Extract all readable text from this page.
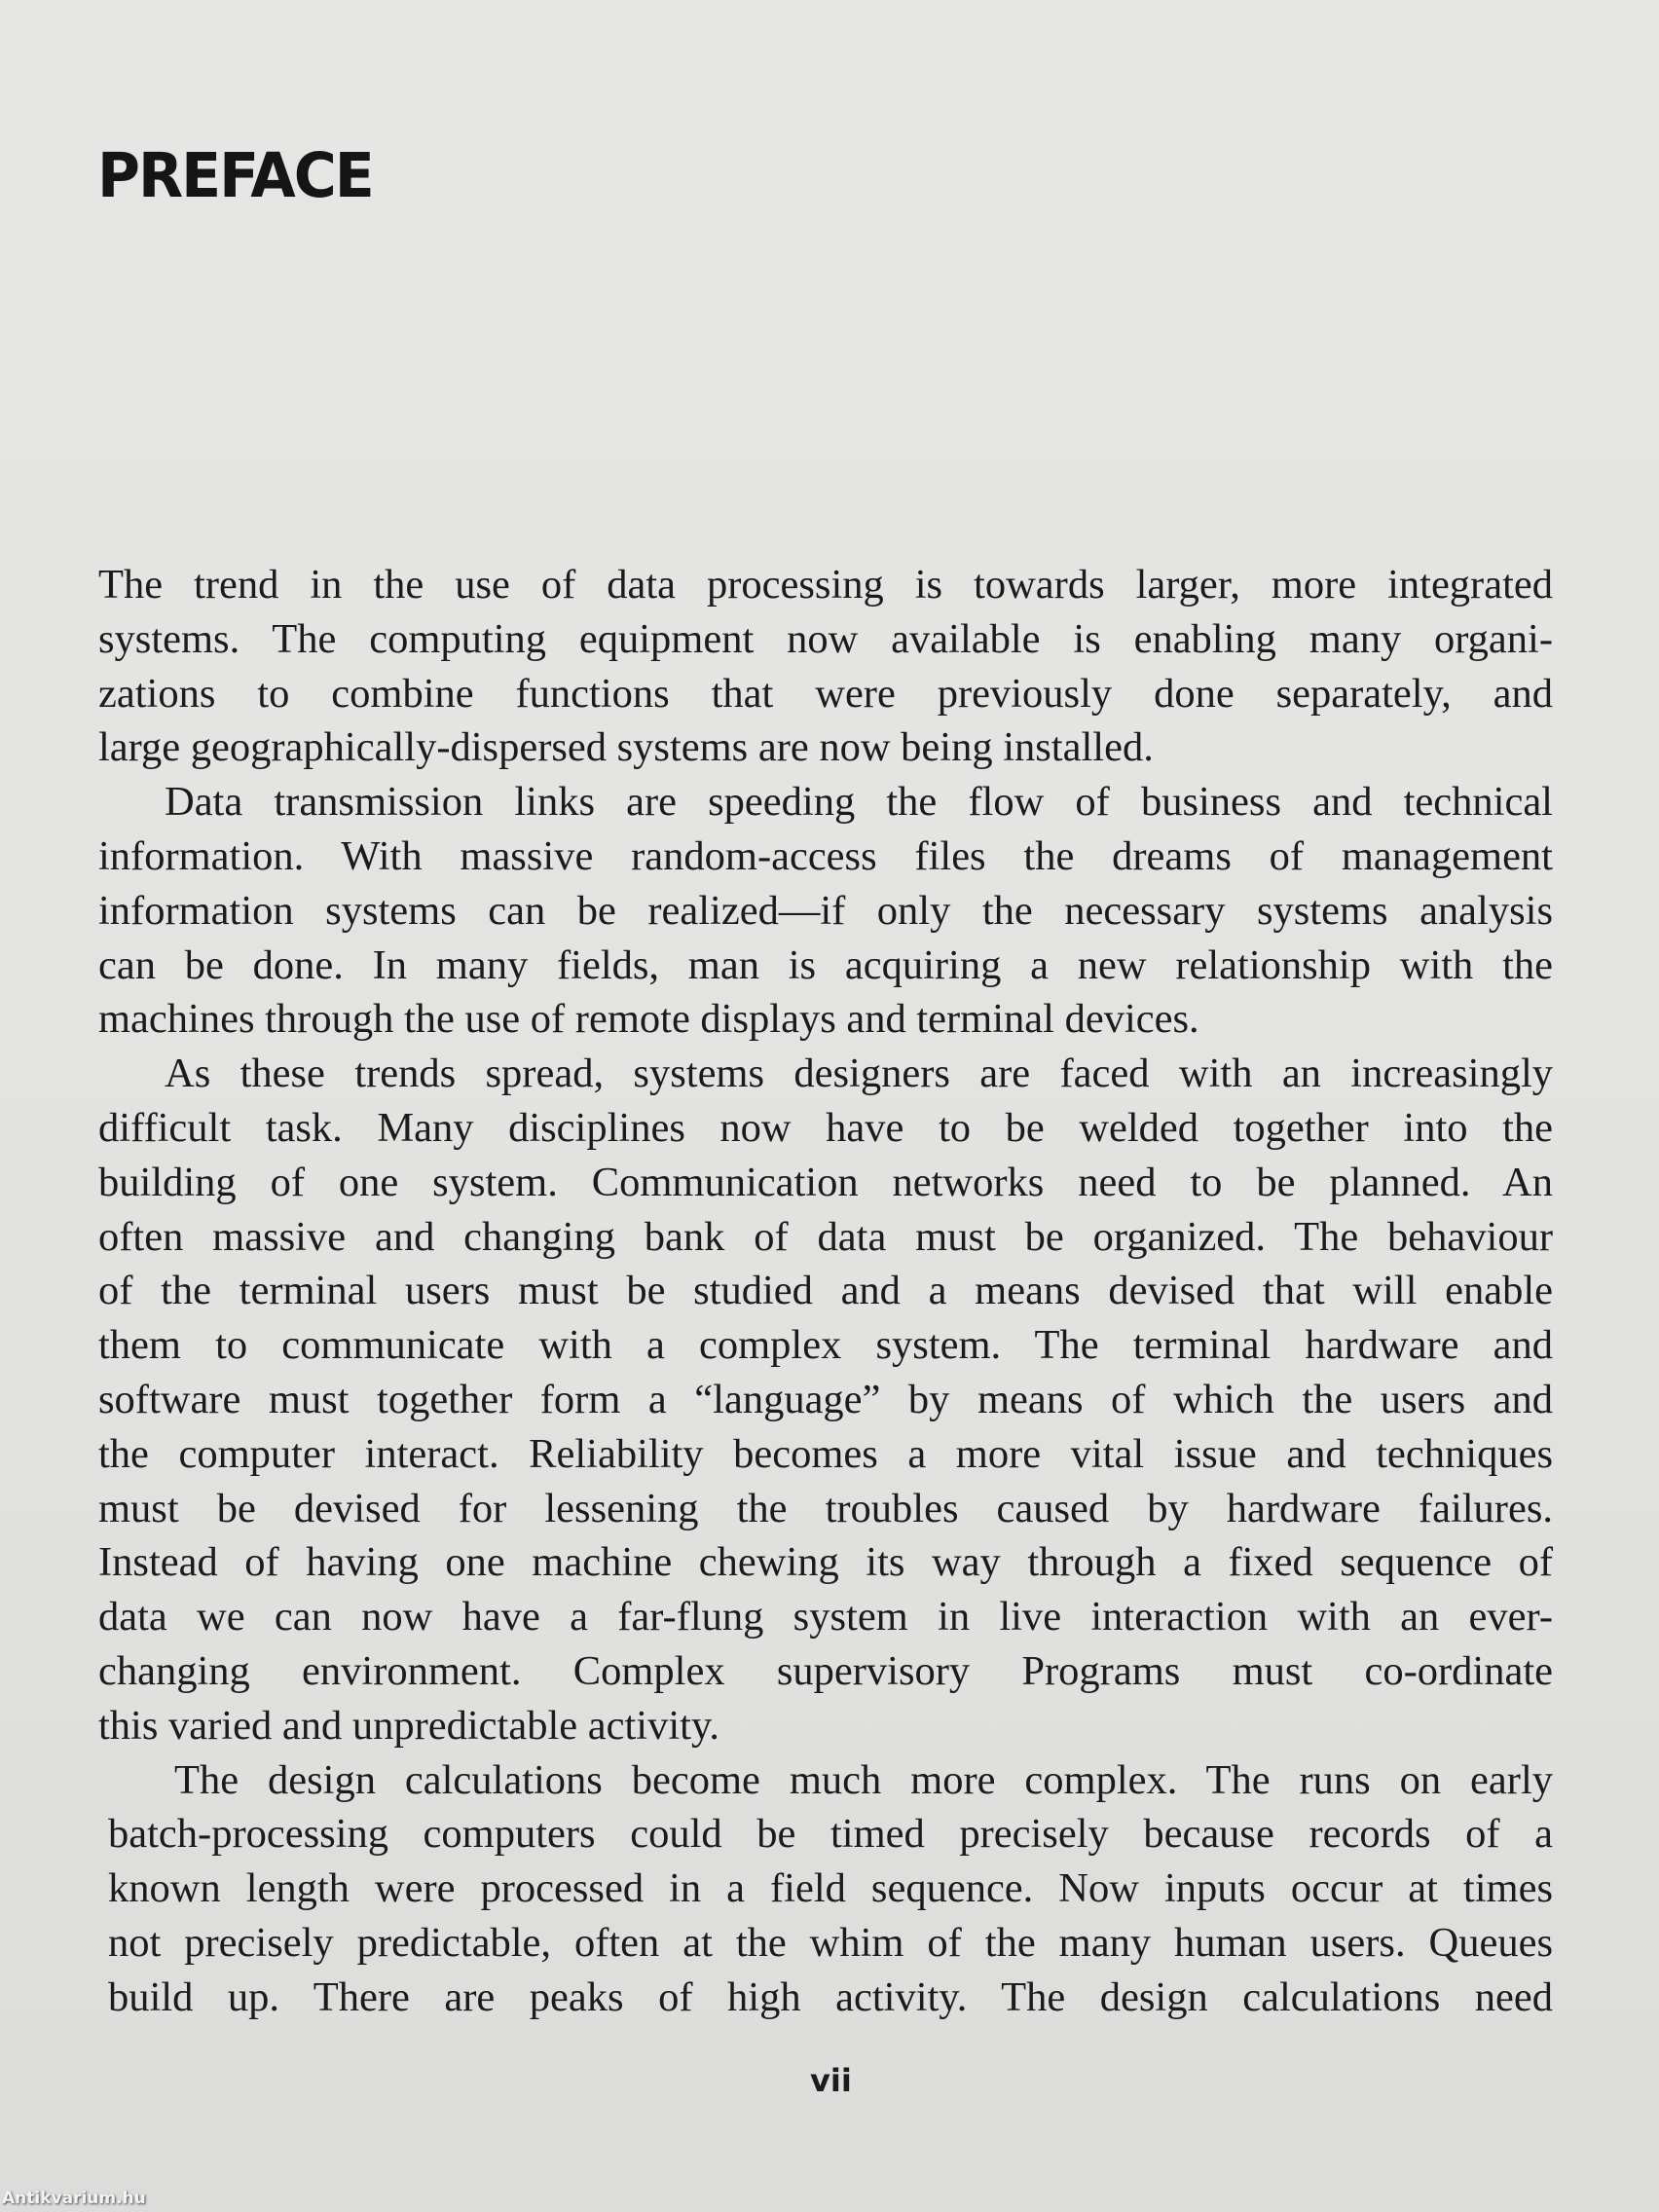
PREFACE
The trend in the use of data processing is towards larger, more integrated
systems. The computing equipment now available is enabling many organi-
zations to combine functions that were previously done separately, and
large geographically-dispersed systems are now being installed.
Data transmission links are speeding the flow of business and technical
information. With massive random-access files the dreams of management
information systems can be realized—if only the necessary systems analysis
can be done. In many fields, man is acquiring a new relationship with the
machines through the use of remote displays and terminal devices.
As these trends spread, systems designers are faced with an increasingly
difficult task. Many disciplines now have to be welded together into the
building of one system. Communication networks need to be planned. An
often massive and changing bank of data must be organized. The behaviour
of the terminal users must be studied and a means devised that will enable
them to communicate with a complex system. The terminal hardware and
software must together form a “language” by means of which the users and
the computer interact. Reliability becomes a more vital issue and techniques
must be devised for lessening the troubles caused by hardware failures.
Instead of having one machine chewing its way through a fixed sequence of
data we can now have a far-flung system in live interaction with an ever-
changing environment. Complex supervisory Programs must co-ordinate
this varied and unpredictable activity.
The design calculations become much more complex. The runs on early
batch-processing computers could be timed precisely because records of a
known length were processed in a field sequence. Now inputs occur at times
not precisely predictable, often at the whim of the many human users. Queues
build up. There are peaks of high activity. The design calculations need
vii
Antikvarium.hu
